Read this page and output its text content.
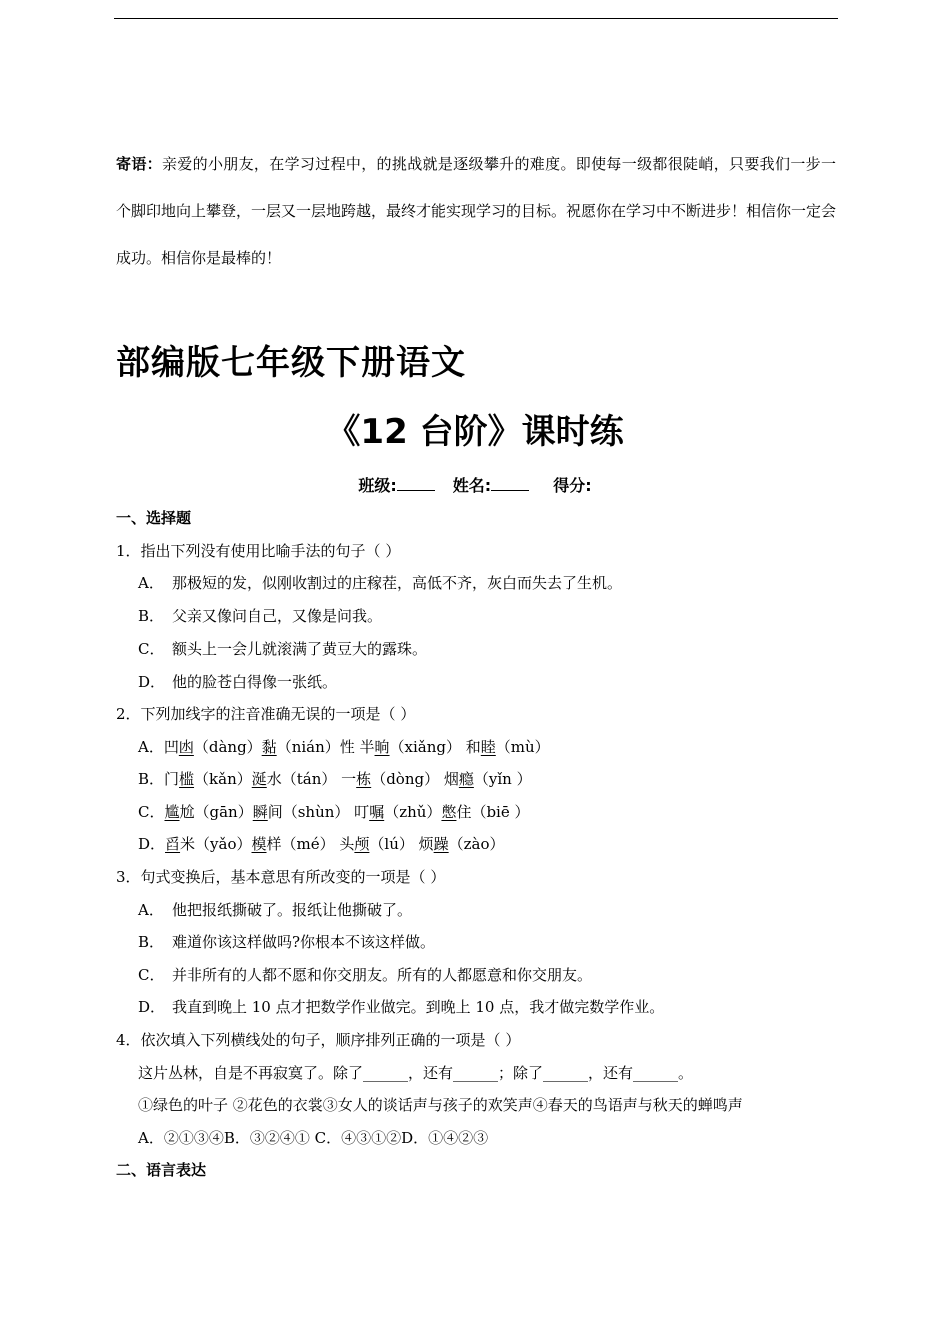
寄语：亲爱的小朋友，在学习过程中，的挑战就是逐级攀升的难度。即使每一级都很陡峭，只要我们一步一个脚印地向上攀登，一层又一层地跨越，最终才能实现学习的目标。祝愿你在学习中不断进步！相信你一定会成功。相信你是最棒的！
部编版七年级下册语文
《12 台阶》课时练
班级:	姓名:	得分:
一、选择题
1．指出下列没有使用比喻手法的句子（ ）
A． 那极短的发，似刚收割过的庄稼茬，高低不齐，灰白而失去了生机。
B． 父亲又像问自己，又像是问我。
C． 额头上一会儿就滚满了黄豆大的露珠。
D． 他的脸苍白得像一张纸。
2．下列加线字的注音准确无误的一项是（ ）
A．凹凼（dàng）黏（nián）性 半晌（xiǎng） 和睦（mù）
B．门槛（kǎn）涎水（tán） 一栋（dòng） 烟瘾（yǐn ）
C．尴尬（gān）瞬间（shùn） 叮嘱（zhǔ）憋住（biē ）
D．舀米（yǎo）模样（mé） 头颅（lú） 烦躁（zào）
3．句式变换后，基本意思有所改变的一项是（ ）
A． 他把报纸撕破了。报纸让他撕破了。
B． 难道你该这样做吗?你根本不该这样做。
C． 并非所有的人都不愿和你交朋友。所有的人都愿意和你交朋友。
D． 我直到晚上 10 点才把数学作业做完。到晚上 10 点，我才做完数学作业。
4．依次填入下列横线处的句子，顺序排列正确的一项是（ ）
这片丛林，自是不再寂寞了。除了______，还有______；除了______，还有______。
①绿色的叶子 ②花色的衣裳③女人的谈话声与孩子的欢笑声④春天的鸟语声与秋天的蝉鸣声
A．②①③④B．③②④① C．④③①②D．①④②③
二、语言表达
